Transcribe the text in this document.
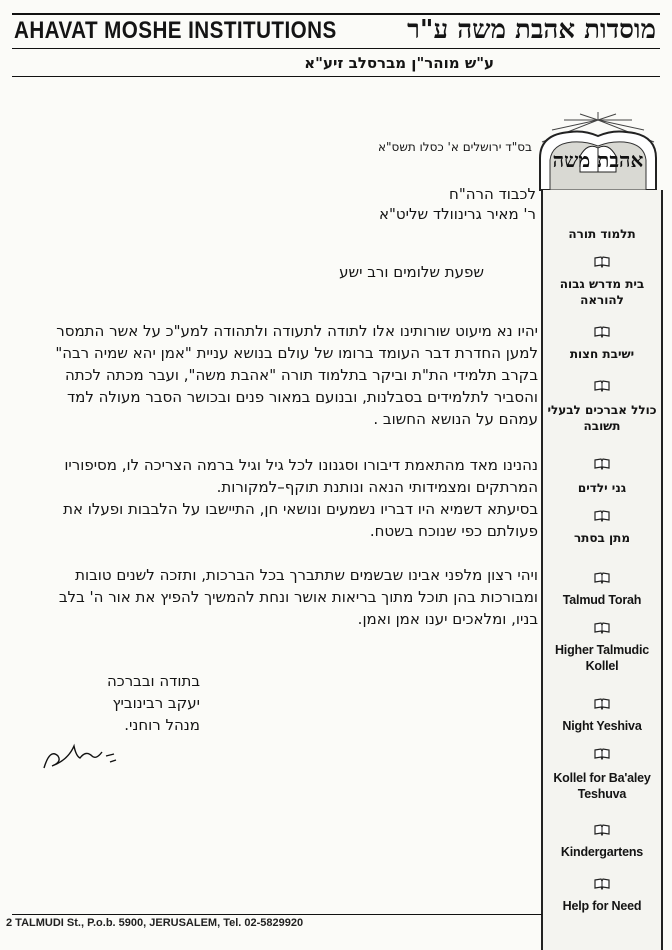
AHAVAT MOSHE INSTITUTIONS	מוסדות אהבת משה ע"ר
ע"ש מוהר"ן מברסלב זיע"א
אהבת משה
תלמוד תורה
בית מדרש גבוה להוראה
ישיבת חצות
כולל אברכים לבעלי תשובה
גני ילדים
מתן בסתר
Talmud Torah
Higher Talmudic Kollel
Night Yeshiva
Kollel for Ba'aley Teshuva
Kindergartens
Help for Need
בס"ד ירושלים א' כסלו תשס"א
לכבוד הרה"ח
ר' מאיר גרינוולד שליט"א
שפעת שלומים ורב ישע
יהיו נא מיעוט שורותינו אלו לתודה לתעודה ולתהודה למע"כ על אשר התמסר
למען החדרת דבר העומד ברומו של עולם בנושא עניית "אמן יהא שמיה רבה"
בקרב תלמידי הת"ת וביקר בתלמוד תורה "אהבת משה", ועבר מכתה לכתה
והסביר לתלמידים בסבלנות, ובנועם במאור פנים ובכושר הסבר מעולה למד
עמהם על הנושא החשוב .
נהנינו מאד מהתאמת דיבורו וסגנונו לכל גיל וגיל ברמה הצריכה לו, מסיפוריו
המרתקים ומצמידותי הנאה ונותנת תוקף–למקורות.
בסיעתא דשמיא היו דבריו נשמעים ונושאי חן, התיישבו על הלבבות ופעלו את
פעולתם כפי שנוכח בשטח.
ויהי רצון מלפני אבינו שבשמים שתתברך בכל הברכות, ותזכה לשנים טובות
ומבורכות בהן תוכל מתוך בריאות אושר ונחת להמשיך להפיץ את אור ה' בלב
בניו, ומלאכים יענו אמן ואמן.
בתודה ובברכה
יעקב רבינוביץ
מנהל רוחני.
2 TALMUDI St., P.o.b. 5900, JERUSALEM, Tel. 02-5829920
